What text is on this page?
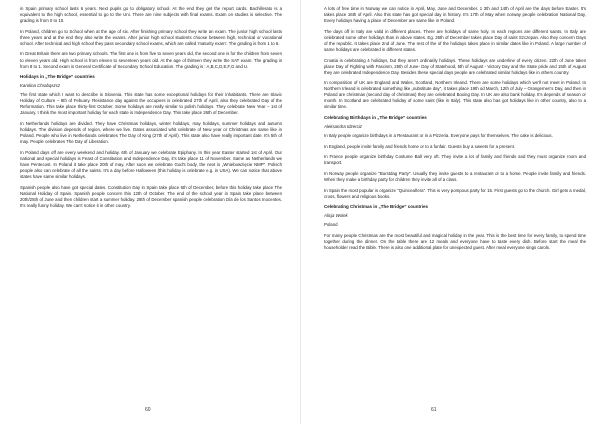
in Spain primary school lasts 6 years. Next pupils go to obligatory school. At the end they get the report cards. Bachillerato is a equivalent to the high school, essential to go to the Uni. There are nine subjects with final exams. Exam on studies is selective. The grading is from 0 to 10.

In Poland, children go to School when at the age of six. After finishing primary school they write an exam. The junior high school lasts three years and at the end they also write the exams. After junior high school students choose between high, technical or vocational school. After technical and high school they pass secondary school exams, which are called 'maturity exam'. The grading is from 1 to 6.

In Great Britain there are two primary schools. The first one is from five to seven years old, the second one is for the children from seven to eleven years old. High school is from eleven to seventeen years old. At the age of thirteen they write the SAT exam. The grading is from 8 to 1. Second exam is General Certificate of Secondary School Education. The grading is : A,B,C,D,E,F,G and U.

Holidays in „The Bridge” countries

Karolina Chrabąszcz

The first state which I want to describe is Slovenia. This state has some exceptional holidays for their inhabitants. There are Slavic Holiday of Culture – 8th of Febuary. Resistance day against the occupiers is celebrated 27th of April, also they celebrated Day of the Reformation. This take place thirty-first October. Some holidays are really similar to polish holidays. They celebrate New Year – 1st of January. I think the most important holiday for each state is Independence Day. This take place 26th of December.

In Netherlands holidays are divided. They have Christmas holidays, winter holidays, may holidays, summer holidays and autumn holidays. The division depends of region, where we live. Dates associated whit celebrate of New year or Christmas are same like in Poland. People who live in Netherlands celebrates The Day of King (27th of April). This state also have really important date. It's 5th of may. People celebrates The Day of Liberation.

In Poland days off are every weekend and holiday. 6th of January we celebrate Epiphany. In this year Easter started 1st of April. Our national and special holidays is Feast of Constitution and Independence Day, it's take place 11 of November. Same as Netherlands we have Pentecost. In Poland it take place 20th of may. After soon we celebrate God's body, the next is „Wniebowzięcie NMP”. Polisch people also can celebrate of all the saints. It's a day before Halloween (this holiday is celebrate e.g. in USA). We can notice that above states have same similar holidays.

Spanish people also have got special dates. Constitution Day in Spain take place 6th of December, before this holiday take place The National Holiday of Spain. Spanish people concern this 12th of October. The end of the school year in Spain take place between 20th/25th of June and then children start a summer holiday. 28th of December spanish people celebration Día de los Santos Inocentes. It's really funny holiday. We can't notice it in other country.

60

A lots of free time in Norway we can notice in April, May, June and December. 1 3th and 14th of April are the days before Easter. It's takes place 16th of April. Also this state has got special day in history. It's 17th of May when norway people celebration National Day, Every holidays having a place of December are same like in Poland.

The days off in Italy are valid in different places. There are holidays of same holy. In each regions are different saints. In Italy are celebrated some other holidays than in above states. Eg. 26th of December takes place Day of saint Szczepan. Also they concern Days of the republic. It takes place 2nd of June. The rest of the of the holidays takes place in similar dates like in Poland. A large number of same holidays are celebrated in different states.

Croatia is celebrating 4 holidays, but they aren't ordinarily holidays. These holidays are underline of every citizen. 22th of June takes place Day of Fighting with Fascism, 25th of June- Day of Statehood, 5th of August - Victory Day and the State pride and 15th of August they are celebrated Independence Day. Besides these special days people are celebrated similar holidays like in others country.

In composition of UK are England and Wales, Scotland, Northern Irleand. There are some holidays which we'll not meet in Poland. In Northern Irleand is celebrated something like „substitute day”, it takes place 19th od March, 12th of July – Orangemen's Day, and then in Poland are christmas (second day of christmas) they are celebrated Boxing Day. In UK are also bank holiday. It's depends of season or month. In Scotland are celebrated holiday of some saint (like in Italy). This state also has got holidays like in other country, also to a similar time.

Celebrating Birthdays in „The Bridge” countries

Aleksandra Idzerciz

In Italy people organize birthdays in a Restaurant or in a Pizzeria. Everyone pays for themselves. The cake is delicious.

In England, people invite family and friends home or to a funfair. Guests buy a sweets for a present.

In France people organize birthday Costume Ball very oft. They invite a lot of family and friends and they must organize room and transport.

In Norway people organize "Burstdag Party". Usually they invite guests to a restaurant or to a home. People invite family and friends. When they make a birthday party for children they invite all of a class.

In Spain the most popular is organize "Quinceañera". This is very pompous party for 15. First guests go to the church. Girl gets a medal, cross, flowers and religious books.

Celebrating Christmas in „The Bridge” countries

Alicja Wolek

Poland

For many people Christmas are the most beautiful and magical holiday in the year. This is the best time for every family, to spend time together during the dinner. On the table there are 12 meals and everyone have to taste every dish. Before start the meal the householder read the Bible. There is also one additional plate for unexpected guest. After meal everyone sings carols.

61
